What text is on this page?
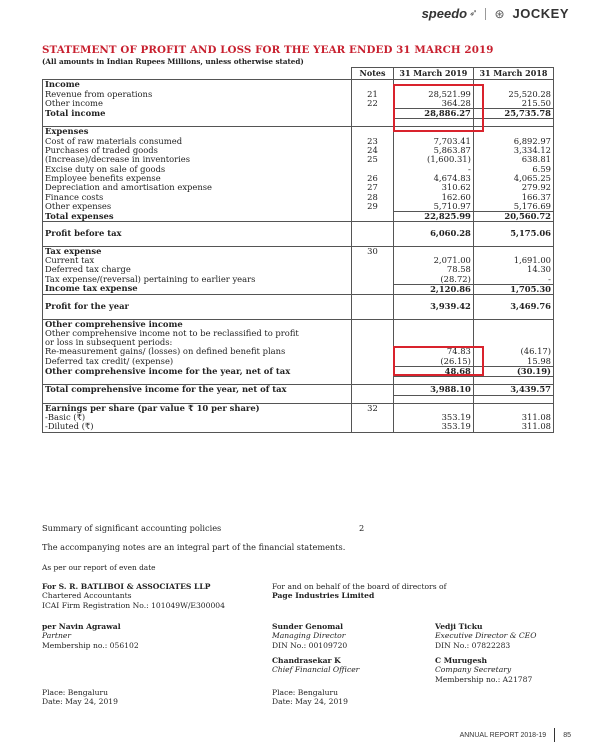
speedo ➶ ⊛ JOCKEY
STATEMENT OF PROFIT AND LOSS FOR THE YEAR ENDED 31 MARCH 2019
(All amounts in Indian Rupees Millions, unless otherwise stated)
	Notes	31 March 2019	31 March 2018
Income			
Revenue from operations	21	28,521.99	25,520.28
Other income	22	364.28	215.50
Total income		28,886.27	25,735.78

Expenses			
Cost of raw materials consumed	23	7,703.41	6,892.97
Purchases of traded goods	24	5,863.87	3,334.12
(Increase)/decrease in inventories	25	(1,600.31)	638.81
Excise duty on sale of goods		-	6.59
Employee benefits expense	26	4,674.83	4,065.25
Depreciation and amortisation expense	27	310.62	279.92
Finance costs	28	162.60	166.37
Other expenses	29	5,710.97	5,176.69
Total expenses		22,825.99	20,560.72

Profit before tax		6,060.28	5,175.06

Tax expense	30		
Current tax		2,071.00	1,691.00
Deferred tax charge		78.58	14.30
Tax expense/(reversal) pertaining to earlier years		(28.72)	-
Income tax expense		2,120.86	1,705.30

Profit for the year		3,939.42	3,469.76

Other comprehensive income			
Other comprehensive income not to be reclassified to profit			
or loss in subsequent periods:			
Re-measurement gains/ (losses) on defined benefit plans		74.83	(46.17)
Deferred tax credit/ (expense)		(26.15)	15.98
Other comprehensive income for the year, net of tax		48.68	(30.19)

Total comprehensive income for the year, net of tax		3,988.10	3,439.57

Earnings per share (par value ₹ 10 per share)	32		
-Basic (₹)		353.19	311.08
-Diluted (₹)		353.19	311.08
Summary of significant accounting policies	2
The accompanying notes are an integral part of the financial statements.
As per our report of even date
For S. R. BATLIBOI & ASSOCIATES LLP
Chartered Accountants
ICAI Firm Registration No.: 101049W/E300004
For and on behalf of the board of directors of
Page Industries Limited
per Navin Agrawal
Partner
Membership no.: 056102
Sunder Genomal
Managing Director
DIN No.: 00109720
Vedji Ticku
Executive Director & CEO
DIN No.: 07822283
Chandrasekar K
Chief Financial Officer
C Murugesh
Company Secretary
Membership no.: A21787
Place: Bengaluru
Date: May 24, 2019
Place: Bengaluru
Date: May 24, 2019
ANNUAL REPORT 2018-19 85
